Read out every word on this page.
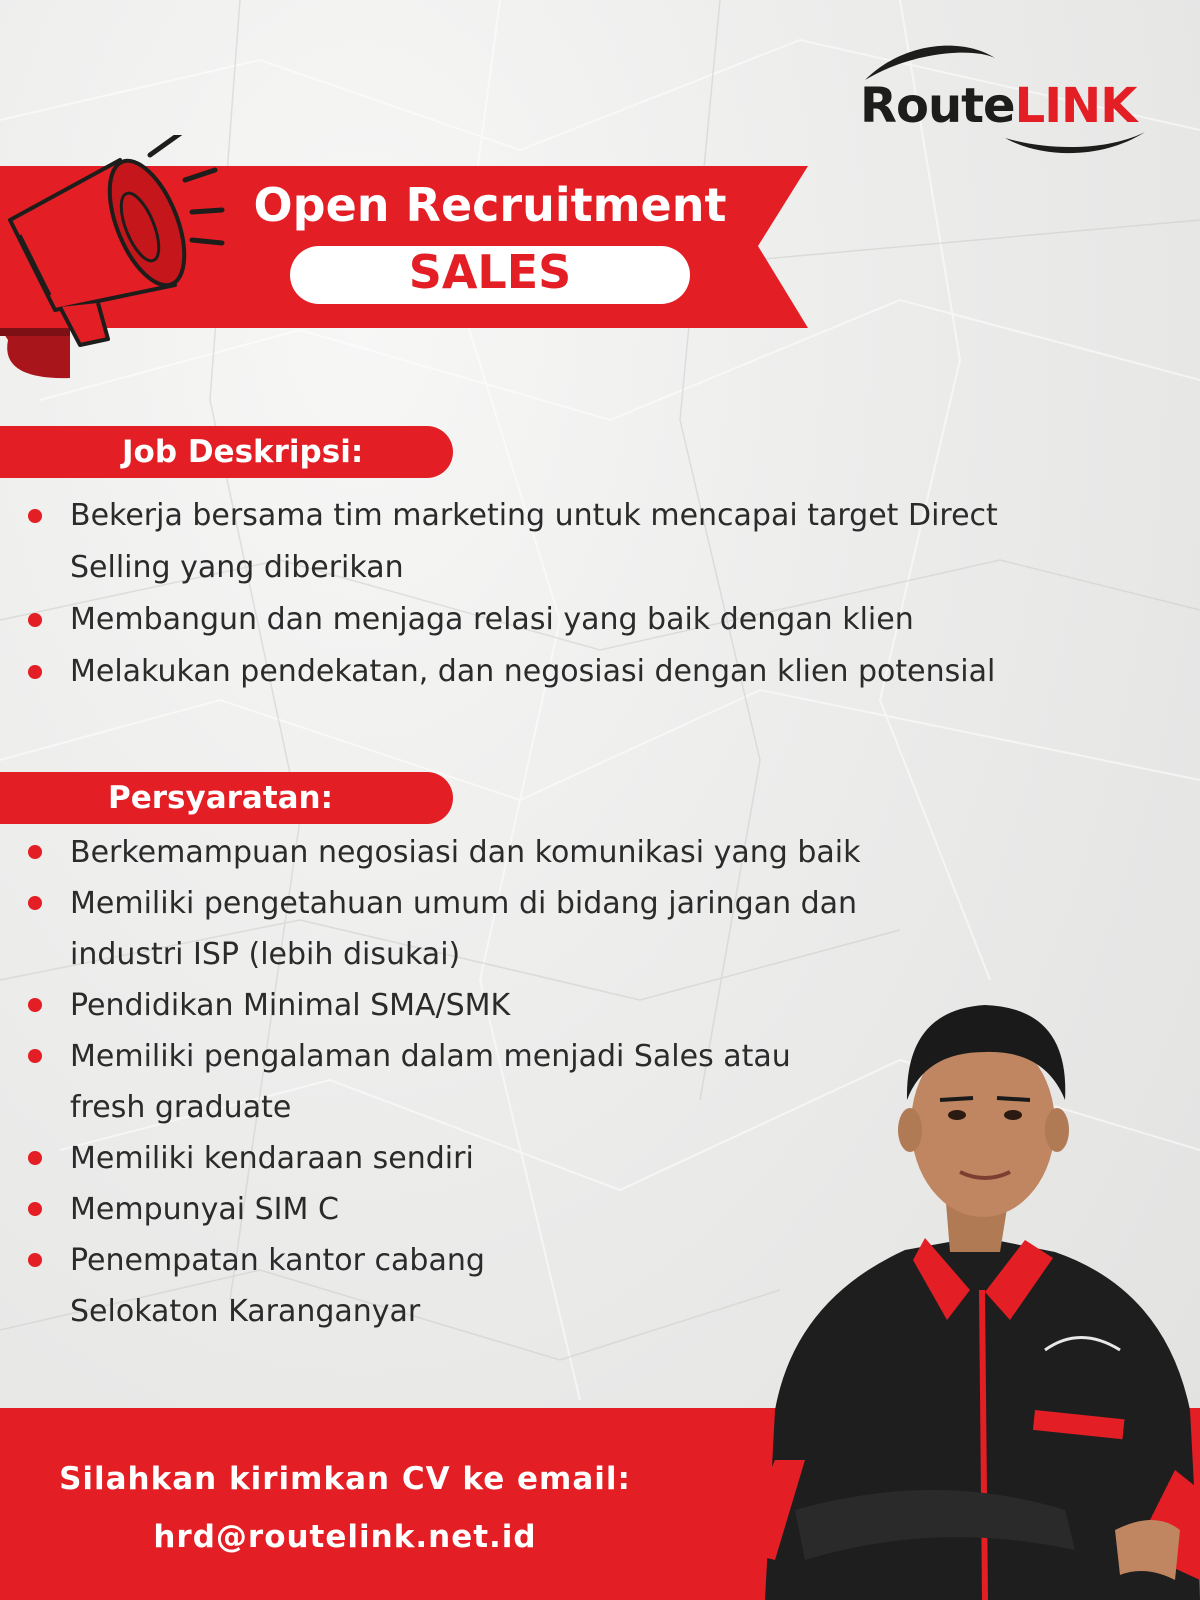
RouteLINK
Open Recruitment
SALES
Job Deskripsi:
Bekerja bersama tim marketing untuk mencapai target Direct Selling yang diberikan
Membangun dan menjaga relasi yang baik dengan klien
Melakukan pendekatan, dan negosiasi dengan klien potensial
Persyaratan:
Berkemampuan negosiasi dan komunikasi yang baik
Memiliki pengetahuan umum di bidang jaringan dan industri ISP (lebih disukai)
Pendidikan Minimal SMA/SMK
Memiliki pengalaman dalam menjadi Sales atau fresh graduate
Memiliki kendaraan sendiri
Mempunyai SIM C
Penempatan kantor cabang Selokaton Karanganyar
Silahkan kirimkan CV ke email:
hrd@routelink.net.id
